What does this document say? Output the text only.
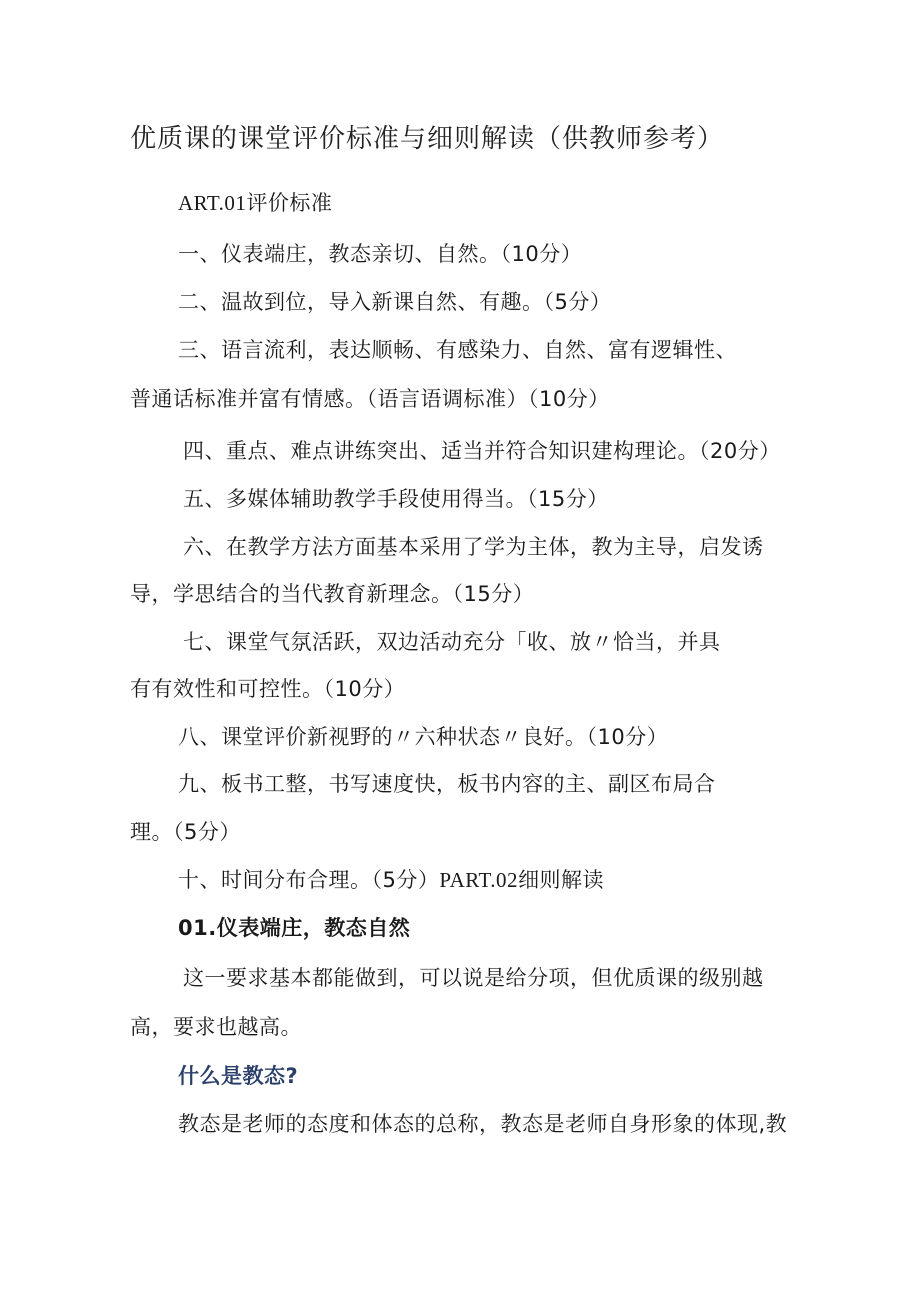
优质课的课堂评价标准与细则解读（供教师参考）
ART.01评价标准
一、仪表端庄，教态亲切、自然。（10分）
二、温故到位，导入新课自然、有趣。（5分）
三、语言流利，表达顺畅、有感染力、自然、富有逻辑性、
普通话标准并富有情感。（语言语调标准）（10分）
四、重点、难点讲练突出、适当并符合知识建构理论。（20分）
五、多媒体辅助教学手段使用得当。（15分）
六、在教学方法方面基本采用了学为主体，教为主导，启发诱
导，学思结合的当代教育新理念。（15分）
七、课堂气氛活跃，双边活动充分「收、放〃恰当，并具
有有效性和可控性。（10分）
八、课堂评价新视野的〃六种状态〃良好。（10分）
九、板书工整，书写速度快，板书内容的主、副区布局合
理。（5分）
十、时间分布合理。（5分）PART.02细则解读
01.仪表端庄，教态自然
这一要求基本都能做到，可以说是给分项，但优质课的级别越
高，要求也越高。
什么是教态?
教态是老师的态度和体态的总称，教态是老师自身形象的体现,教
